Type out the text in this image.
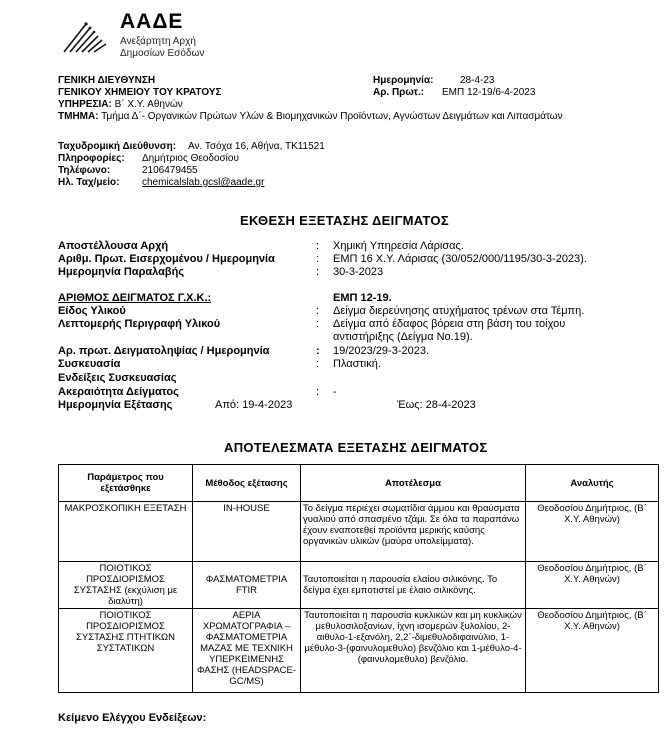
ΑΑΔΕ
Ανεξάρτητη Αρχή
Δημοσίων Εσόδων
ΓΕΝΙΚΗ ΔΙΕΥΘΥΝΣΗ
ΓΕΝΙΚΟΥ ΧΗΜΕΙΟΥ ΤΟΥ ΚΡΑΤΟΥΣ
ΥΠΗΡΕΣΙΑ: Β΄ Χ.Υ. Αθηνών
ΤΜΗΜΑ: Τμήμα Δ΄- Οργανικών Πρώτων Υλών & Βιομηχανικών Προϊόντων, Αγνώστων Δειγμάτων και Λιπασμάτων
Ημερομηνία:	28-4-23
Αρ. Πρωτ.: ΕΜΠ 12-19/6-4-2023
Ταχυδρομική Διεύθυνση: Αν. Τσόχα 16, Αθήνα, ΤΚ11521
Πληροφορίες: Δημήτριος Θεοδοσίου
Τηλέφωνο:	2106479455
Ηλ. Ταχ/μείο: chemicalslab.gcsl@aade.gr
ΕΚΘΕΣΗ ΕΞΕΤΑΣΗΣ ΔΕΙΓΜΑΤΟΣ
Αποστέλλουσα Αρχή	: Χημική Υπηρεσία Λάρισας.
Αριθμ. Πρωτ. Εισερχομένου / Ημερομηνία	: ΕΜΠ 16 Χ.Υ. Λάρισας (30/052/000/1195/30-3-2023).
Ημερομηνία Παραλαβής	: 30-3-2023
ΑΡΙΘΜΟΣ ΔΕΙΓΜΑΤΟΣ Γ.Χ.Κ.:	ΕΜΠ 12-19.
Είδος Υλικού	: Δείγμα διερεύνησης ατυχήματος τρένων στα Τέμπη.
Λεπτομερής Περιγραφή Υλικού	: Δείγμα από έδαφος βόρεια στη βάση του τοίχου
αντιστήριξης (Δείγμα Νο.19).
Αρ. πρωτ. Δειγματοληψίας / Ημερομηνία	: 19/2023/29-3-2023.
Συσκευασία	: Πλαστική.
Ενδείξεις Συσκευασίας
Ακεραιότητα Δείγματος	: -
Ημερομηνία Εξέτασης	Από: 19-4-2023	Έως: 28-4-2023
ΑΠΟΤΕΛΕΣΜΑΤΑ ΕΞΕΤΑΣΗΣ ΔΕΙΓΜΑΤΟΣ
Παράμετρος που εξετάσθηκε	Μέθοδος εξέτασης	Αποτέλεσμα	Αναλυτής
ΜΑΚΡΟΣΚΟΠΙΚΗ ΕΞΕΤΑΣΗ	IN-HOUSE	Το δείγμα περιέχει σωματίδια άμμου και θραύσματα γυαλιού από σπασμένο τζάμι. Σε όλα τα παραπάνω έχουν εναποτεθεί προϊόντα μερικής καύσης οργανικών υλικών (μαύρα υπολείμματα).	Θεοδοσίου Δημήτριος, (Β΄ Χ.Υ. Αθηνών)
ΠΟΙΟΤΙΚΟΣ ΠΡΟΣΔΙΟΡΙΣΜΟΣ ΣΥΣΤΑΣΗΣ (εκχύλιση με διαλύτη)	ΦΑΣΜΑΤΟΜΕΤΡΙΑ FTIR	Ταυτοποιείται η παρουσία ελαίου σιλικόνης. Το δείγμα έχει εμποτιστεί με έλαιο σιλικόνης.	Θεοδοσίου Δημήτριος, (Β΄ Χ.Υ. Αθηνών)
ΠΟΙΟΤΙΚΟΣ ΠΡΟΣΔΙΟΡΙΣΜΟΣ ΣΥΣΤΑΣΗΣ ΠΤΗΤΙΚΩΝ ΣΥΣΤΑΤΙΚΩΝ	ΑΕΡΙΑ ΧΡΩΜΑΤΟΓΡΑΦΙΑ – ΦΑΣΜΑΤΟΜΕΤΡΙΑ ΜΑΖΑΣ ΜΕ ΤΕΧΝΙΚΗ ΥΠΕΡΚΕΙΜΕΝΗΣ ΦΑΣΗΣ (HEADSPACE-GC/MS)	Ταυτοποιείται η παρουσία κυκλικών και μη κυκλικών μεθυλοσιλοξανίων, ίχνη ισομερών ξυλολίου, 2-αιθυλο-1-εξανόλη, 2,2΄-διμεθυλοδιφαινύλιο, 1-μέθυλο-3-(φαινυλομεθυλο) βενζόλιο και 1-μέθυλο-4-(φαινυλομεθυλο) βενζόλιο.	Θεοδοσίου Δημήτριος, (Β΄ Χ.Υ. Αθηνών)
Κείμενο Ελέγχου Ενδείξεων:
